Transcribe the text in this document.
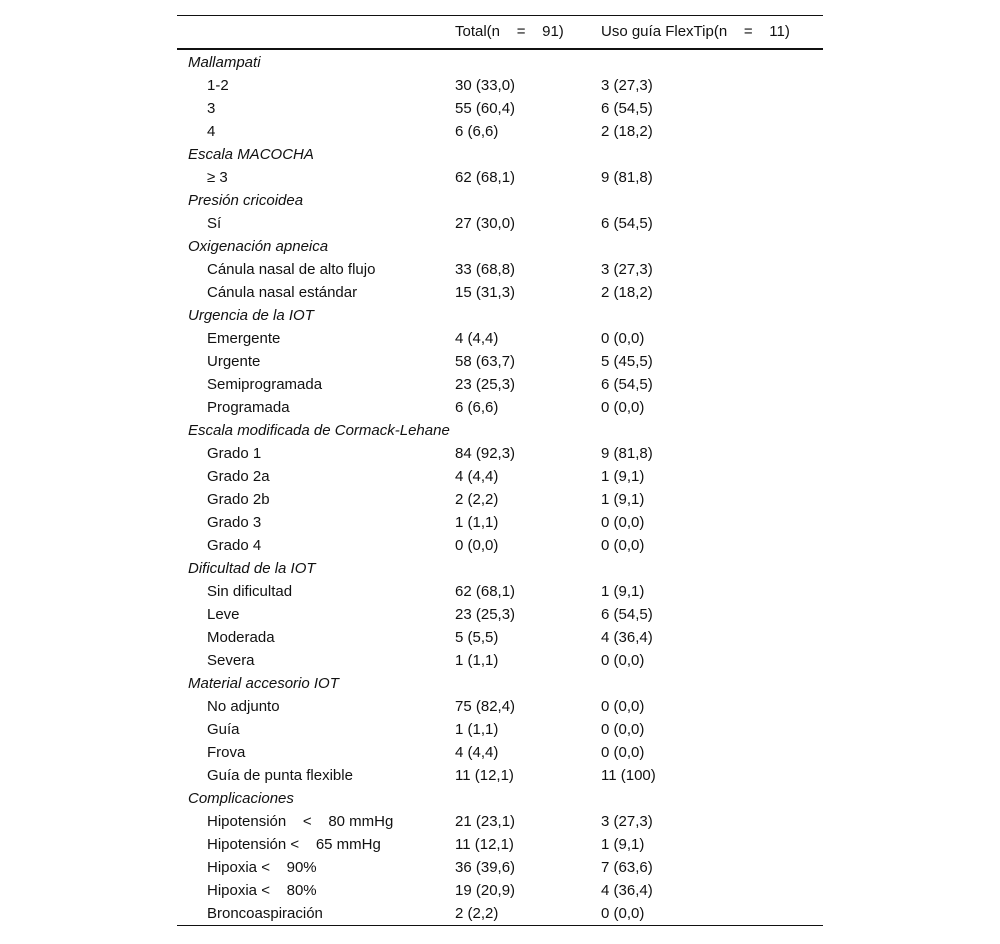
Total(n    =    91)	Uso guía FlexTip(n    =    11)
Mallampati
1-2	30 (33,0)	3 (27,3)
3	55 (60,4)	6 (54,5)
4	6 (6,6)	2 (18,2)
Escala MACOCHA
≥ 3	62 (68,1)	9 (81,8)
Presión cricoidea
Sí	27 (30,0)	6 (54,5)
Oxigenación apneica
Cánula nasal de alto flujo	33 (68,8)	3 (27,3)
Cánula nasal estándar	15 (31,3)	2 (18,2)
Urgencia de la IOT
Emergente	4 (4,4)	0 (0,0)
Urgente	58 (63,7)	5 (45,5)
Semiprogramada	23 (25,3)	6 (54,5)
Programada	6 (6,6)	0 (0,0)
Escala modificada de Cormack-Lehane
Grado 1	84 (92,3)	9 (81,8)
Grado 2a	4 (4,4)	1 (9,1)
Grado 2b	2 (2,2)	1 (9,1)
Grado 3	1 (1,1)	0 (0,0)
Grado 4	0 (0,0)	0 (0,0)
Dificultad de la IOT
Sin dificultad	62 (68,1)	1 (9,1)
Leve	23 (25,3)	6 (54,5)
Moderada	5 (5,5)	4 (36,4)
Severa	1 (1,1)	0 (0,0)
Material accesorio IOT
No adjunto	75 (82,4)	0 (0,0)
Guía	1 (1,1)	0 (0,0)
Frova	4 (4,4)	0 (0,0)
Guía de punta flexible	11 (12,1)	11 (100)
Complicaciones
Hipotensión    <    80 mmHg	21 (23,1)	3 (27,3)
Hipotensión <    65 mmHg	11 (12,1)	1 (9,1)
Hipoxia <    90%	36 (39,6)	7 (63,6)
Hipoxia <    80%	19 (20,9)	4 (36,4)
Broncoaspiración	2 (2,2)	0 (0,0)
